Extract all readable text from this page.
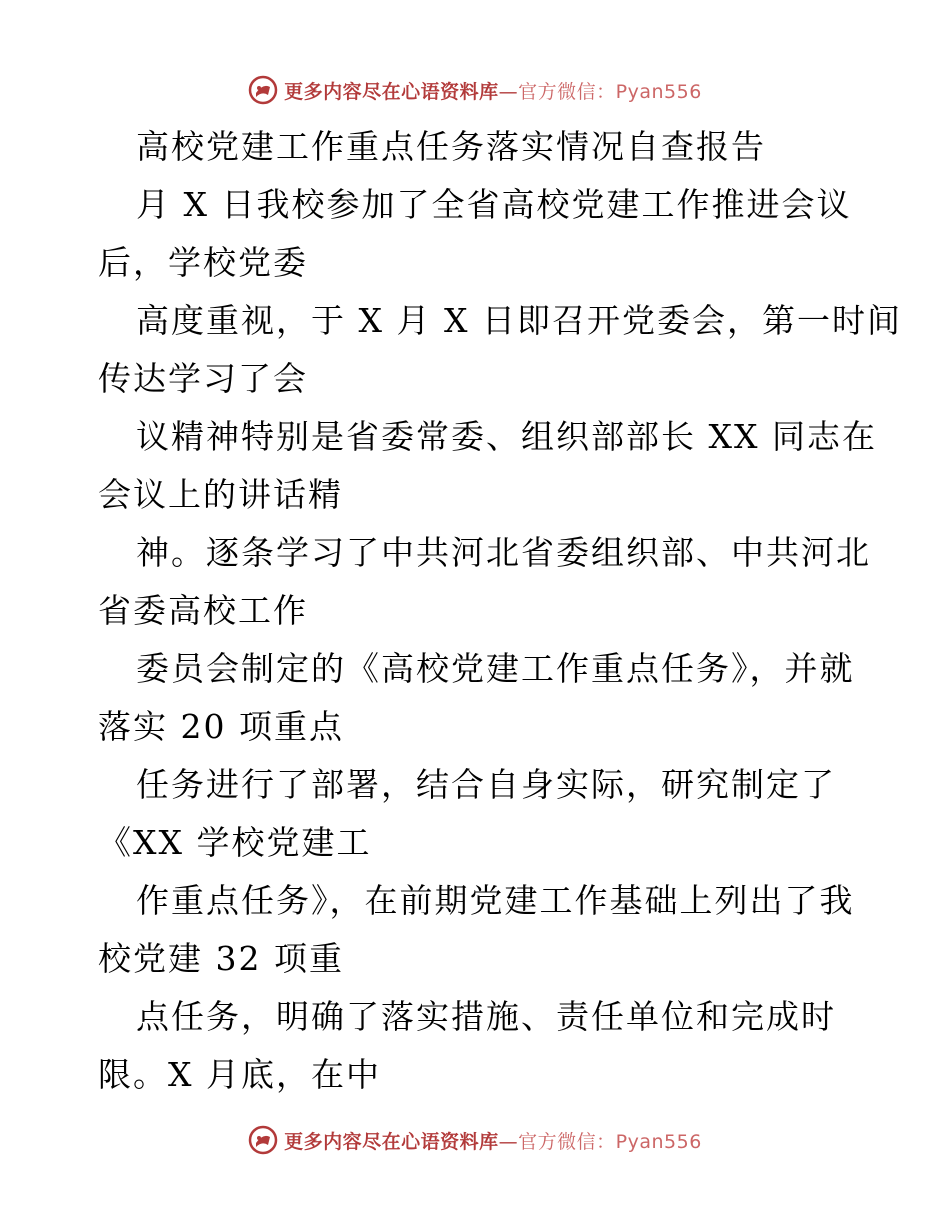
更多内容尽在心语资料库—官方微信：Pyan556
高校党建工作重点任务落实情况自查报告
月 X 日我校参加了全省高校党建工作推进会议
后，学校党委
高度重视，于 X 月 X 日即召开党委会，第一时间
传达学习了会
议精神特别是省委常委、组织部部长 XX 同志在
会议上的讲话精
神。逐条学习了中共河北省委组织部、中共河北
省委高校工作
委员会制定的《高校党建工作重点任务》，并就
落实 20 项重点
任务进行了部署，结合自身实际，研究制定了
《XX 学校党建工
作重点任务》，在前期党建工作基础上列出了我
校党建 32 项重
点任务，明确了落实措施、责任单位和完成时
限。X 月底，在中
更多内容尽在心语资料库—官方微信：Pyan556
